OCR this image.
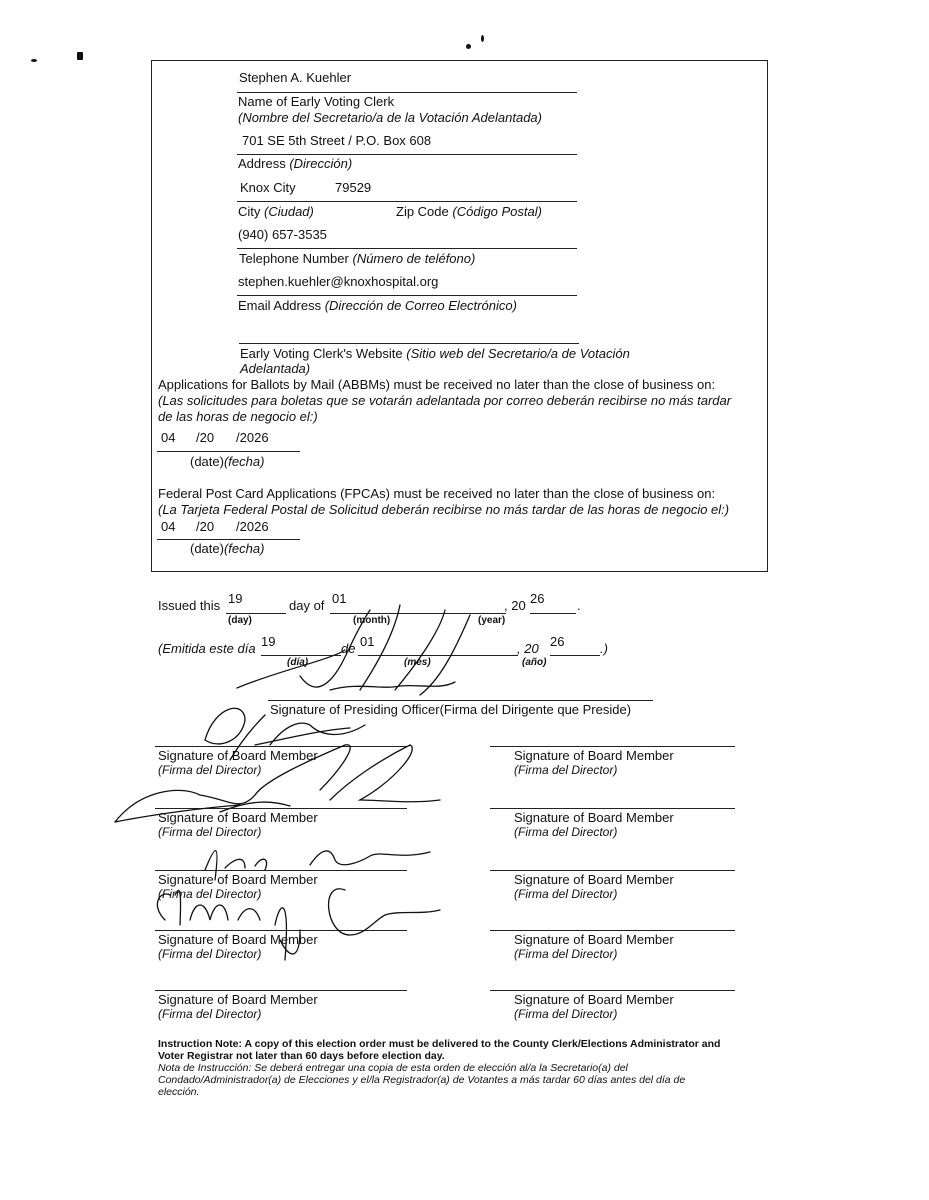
Stephen A. Kuehler
Name of Early Voting Clerk
(Nombre del Secretario/a de la Votación Adelantada)
701 SE 5th Street / P.O. Box 608
Address (Dirección)
Knox City	79529
City (Ciudad)	Zip Code (Código Postal)
(940) 657-3535
Telephone Number (Número de teléfono)
stephen.kuehler@knoxhospital.org
Email Address (Dirección de Correo Electrónico)
Early Voting Clerk's Website (Sitio web del Secretario/a de Votación
Adelantada)
Applications for Ballots by Mail (ABBMs) must be received no later than the close of business on:
(Las solicitudes para boletas que se votarán adelantada por correo deberán recibirse no más tardar
de las horas de negocio el:)
04 /20 /2026
(date)(fecha)
Federal Post Card Applications (FPCAs) must be received no later than the close of business on:
(La Tarjeta Federal Postal de Solicitud deberán recibirse no más tardar de las horas de negocio el:)
04 /20 /2026
(date)(fecha)
Issued this 19
(day)
day of 01
(month)	(year)
, 20 26	.
(Emitida este día 19
(día)
de 01
(mes)	(año)
, 20 26	.)
Signature of Presiding Officer(Firma del Dirigente que Preside)
Signature of Board Member
(Firma del Director)
Signature of Board Member
(Firma del Director)
Signature of Board Member
(Firma del Director)
Signature of Board Member
(Firma del Director)
Signature of Board Member
(Firma del Director)
Signature of Board Member
(Firma del Director)
Signature of Board Member
(Firma del Director)
Signature of Board Member
(Firma del Director)
Signature of Board Member
(Firma del Director)
Signature of Board Member
(Firma del Director)
Instruction Note: A copy of this election order must be delivered to the County Clerk/Elections Administrator and
Voter Registrar not later than 60 days before election day.
Nota de Instrucción: Se deberá entregar una copia de esta orden de elección al/a la Secretario(a) del
Condado/Administrador(a) de Elecciones y el/la Registrador(a) de Votantes a más tardar 60 días antes del día de
elección.
